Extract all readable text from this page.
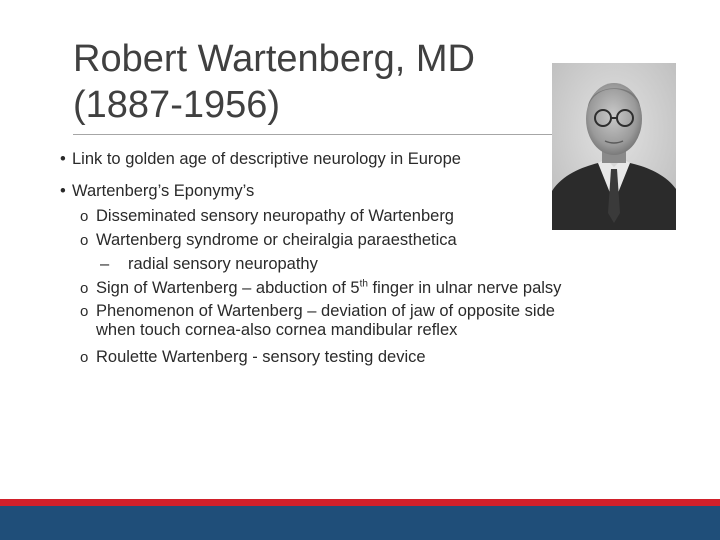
Robert Wartenberg, MD
(1887-1956)
• Link to golden age of descriptive neurology in Europe
• Wartenberg’s Eponymy’s
o Disseminated sensory neuropathy of Wartenberg
o Wartenberg syndrome or cheiralgia paraesthetica
– radial sensory neuropathy
o Sign of Wartenberg – abduction of 5th finger in ulnar nerve palsy
o Phenomenon of Wartenberg – deviation of jaw of opposite side
when touch cornea-also cornea mandibular reflex
o Roulette Wartenberg - sensory testing device
